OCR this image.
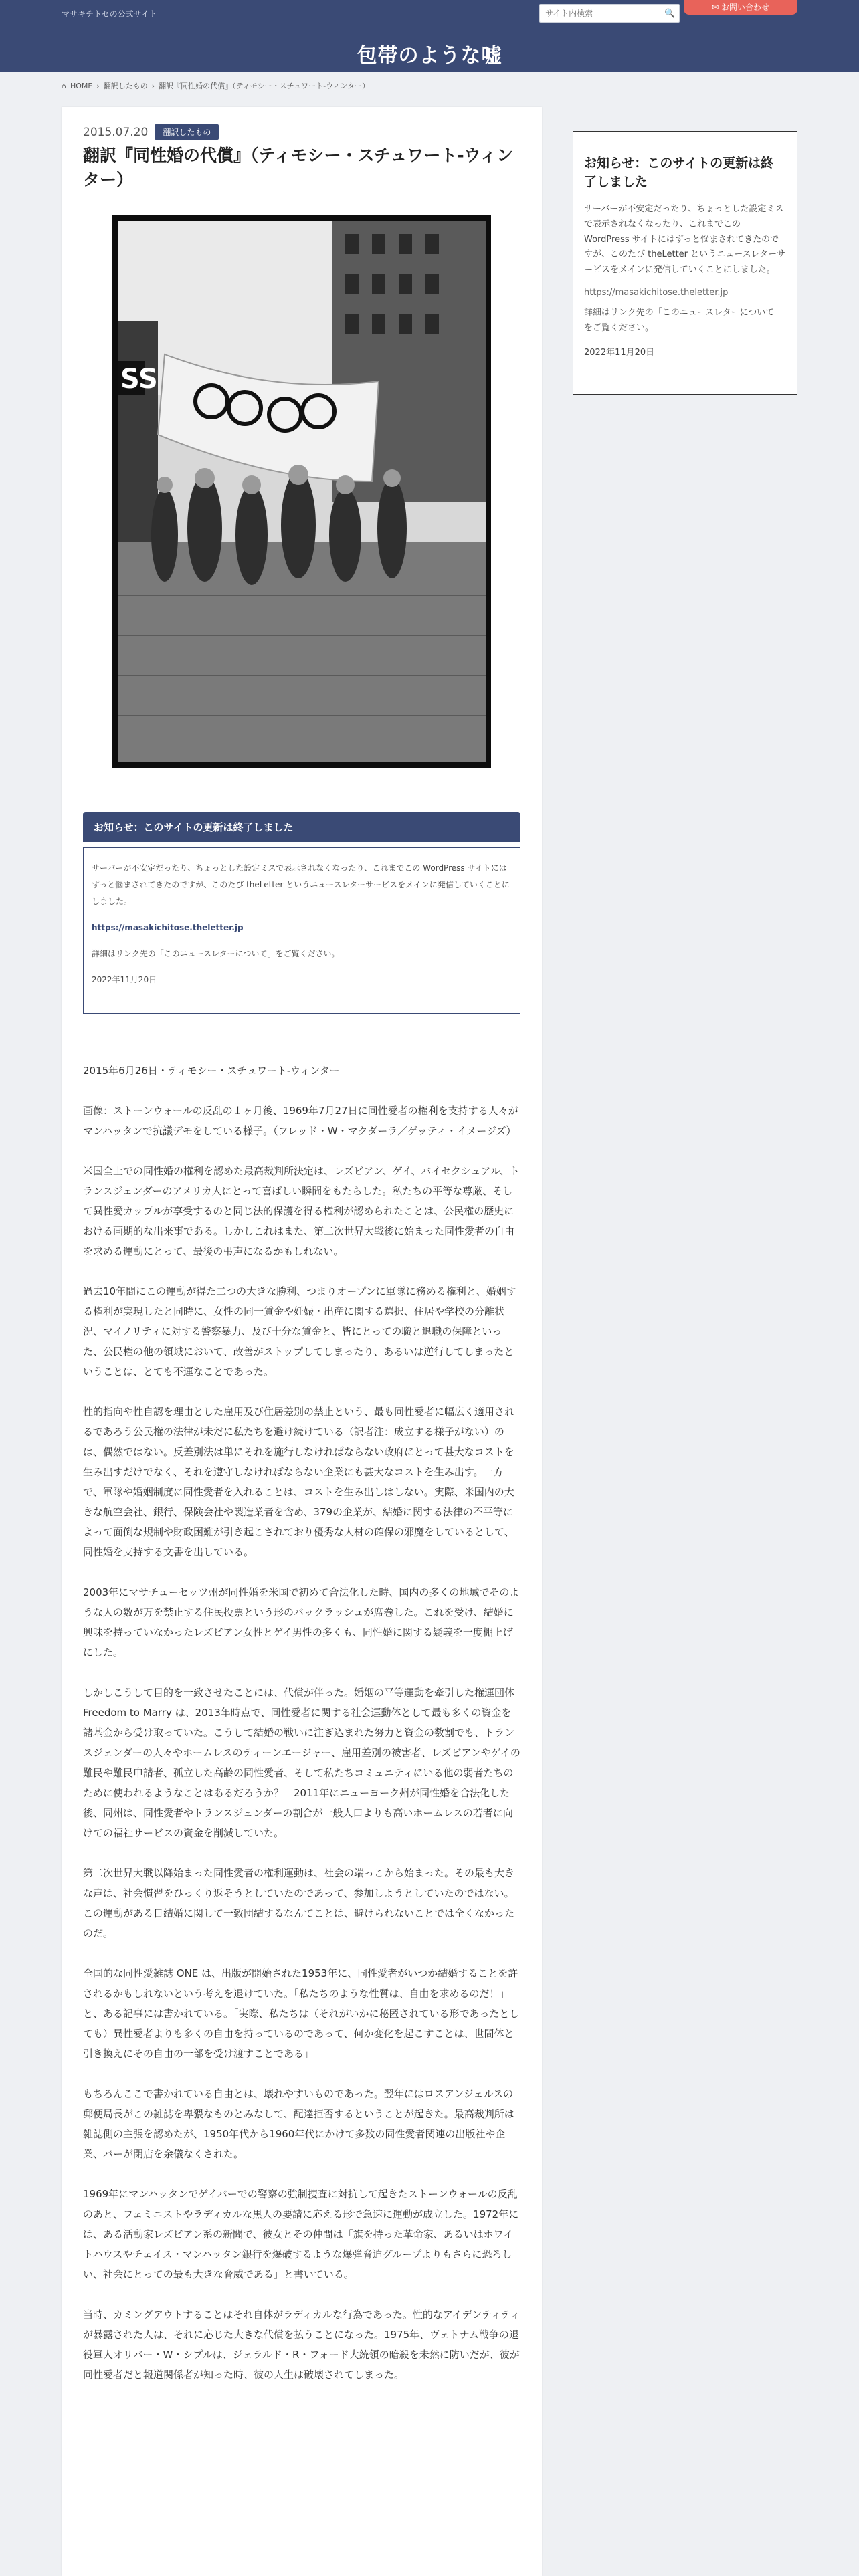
マサキチトセの公式サイト
サイト内検索	🔍
✉ お問い合わせ
包帯のような嘘
⌂ HOME › 翻訳したもの › 翻訳『同性婚の代償』（ティモシー・スチュワート-ウィンター）
2015.07.20	翻訳したもの
翻訳『同性婚の代償』（ティモシー・スチュワート-ウィンター）
SS
お知らせ：このサイトの更新は終了しました

サーバーが不安定だったり、ちょっとした設定ミスで表示されなくなったり、これまでこの WordPress サイトにはずっと悩まされてきたのですが、このたび theLetter というニュースレターサービスをメインに発信していくことにしました。

https://masakichitose.theletter.jp

詳細はリンク先の「このニュースレターについて」をご覧ください。

2022年11月20日

2015年6月26日・ティモシー・スチュワート-ウィンター

画像：ストーンウォールの反乱の１ヶ月後、1969年7月27日に同性愛者の権利を支持する人々がマンハッタンで抗議デモをしている様子。（フレッド・W・マクダーラ／ゲッティ・イメージズ）

米国全土での同性婚の権利を認めた最高裁判所決定は、レズビアン、ゲイ、バイセクシュアル、トランスジェンダーのアメリカ人にとって喜ばしい瞬間をもたらした。私たちの平等な尊厳、そして異性愛カップルが享受するのと同じ法的保護を得る権利が認められたことは、公民権の歴史における画期的な出来事である。しかしこれはまた、第二次世界大戦後に始まった同性愛者の自由を求める運動にとって、最後の弔声になるかもしれない。

過去10年間にこの運動が得た二つの大きな勝利、つまりオープンに軍隊に務める権利と、婚姻する権利が実現したと同時に、女性の同一賃金や妊娠・出産に関する選択、住居や学校の分離状況、マイノリティに対する警察暴力、及び十分な賃金と、皆にとっての職と退職の保障といった、公民権の他の領域において、改善がストップしてしまったり、あるいは逆行してしまったということは、とても不運なことであった。

性的指向や性自認を理由とした雇用及び住居差別の禁止という、最も同性愛者に幅広く適用されるであろう公民権の法律が未だに私たちを避け続けている（訳者注：成立する様子がない）のは、偶然ではない。反差別法は単にそれを施行しなければならない政府にとって甚大なコストを生み出すだけでなく、それを遵守しなければならない企業にも甚大なコストを生み出す。一方で、軍隊や婚姻制度に同性愛者を入れることは、コストを生み出しはしない。実際、米国内の大きな航空会社、銀行、保険会社や製造業者を含め、379の企業が、結婚に関する法律の不平等によって面倒な規制や財政困難が引き起こされており優秀な人材の確保の邪魔をしているとして、同性婚を支持する文書を出している。

2003年にマサチューセッツ州が同性婚を米国で初めて合法化した時、国内の多くの地域でそのような人の数が万を禁止する住民投票という形のバックラッシュが席巻した。これを受け、結婚に興味を持っていなかったレズビアン女性とゲイ男性の多くも、同性婚に関する疑義を一度棚上げにした。

しかしこうして目的を一致させたことには、代償が伴った。婚姻の平等運動を牽引した権運団体 Freedom to Marry は、2013年時点で、同性愛者に関する社会運動体として最も多くの資金を諸基金から受け取っていた。こうして結婚の戦いに注ぎ込まれた努力と資金の数割でも、トランスジェンダーの人々やホームレスのティーンエージャー、雇用差別の被害者、レズビアンやゲイの難民や難民申請者、孤立した高齢の同性愛者、そして私たちコミュニティにいる他の弱者たちのために使われるようなことはあるだろうか？　2011年にニューヨーク州が同性婚を合法化した後、同州は、同性愛者やトランスジェンダーの割合が一般人口よりも高いホームレスの若者に向けての福祉サービスの資金を削減していた。

第二次世界大戦以降始まった同性愛者の権利運動は、社会の端っこから始まった。その最も大きな声は、社会慣習をひっくり返そうとしていたのであって、参加しようとしていたのではない。この運動がある日結婚に関して一致団結するなんてことは、避けられないことでは全くなかったのだ。

全国的な同性愛雑誌 ONE は、出版が開始された1953年に、同性愛者がいつか結婚することを許されるかもしれないという考えを退けていた。「私たちのような性質は、自由を求めるのだ！」と、ある記事には書かれている。「実際、私たちは（それがいかに秘匿されている形であったとしても）異性愛者よりも多くの自由を持っているのであって、何か変化を起こすことは、世間体と引き換えにその自由の一部を受け渡すことである」

もちろんここで書かれている自由とは、壊れやすいものであった。翌年にはロスアンジェルスの郵便局長がこの雑誌を卑猥なものとみなして、配達拒否するということが起きた。最高裁判所は雑誌側の主張を認めたが、1950年代から1960年代にかけて多数の同性愛者関連の出版社や企業、バーが閉店を余儀なくされた。

1969年にマンハッタンでゲイバーでの警察の強制捜査に対抗して起きたストーンウォールの反乱のあと、フェミニストやラディカルな黒人の要請に応える形で急速に運動が成立した。1972年には、ある活動家レズビアン系の新聞で、彼女とその仲間は「旗を持った革命家、あるいはホワイトハウスやチェイス・マンハッタン銀行を爆破するような爆弾脅迫グループよりもさらに恐ろしい、社会にとっての最も大きな脅威である」と書いている。

当時、カミングアウトすることはそれ自体がラディカルな行為であった。性的なアイデンティティが暴露された人は、それに応じた大きな代償を払うことになった。1975年、ヴェトナム戦争の退役軍人オリバー・W・シプルは、ジェラルド・R・フォード大統領の暗殺を未然に防いだが、彼が同性愛者だと報道関係者が知った時、彼の人生は破壊されてしまった。

お知らせ：このサイトの更新は終了しました
サーバーが不安定だったり、ちょっとした設定ミスで表示されなくなったり、これまでこの WordPress サイトにはずっと悩まされてきたのですが、このたび theLetter というニュースレターサービスをメインに発信していくことにしました。
https://masakichitose.theletter.jp
詳細はリンク先の「このニュースレターについて」をご覧ください。
2022年11月20日
